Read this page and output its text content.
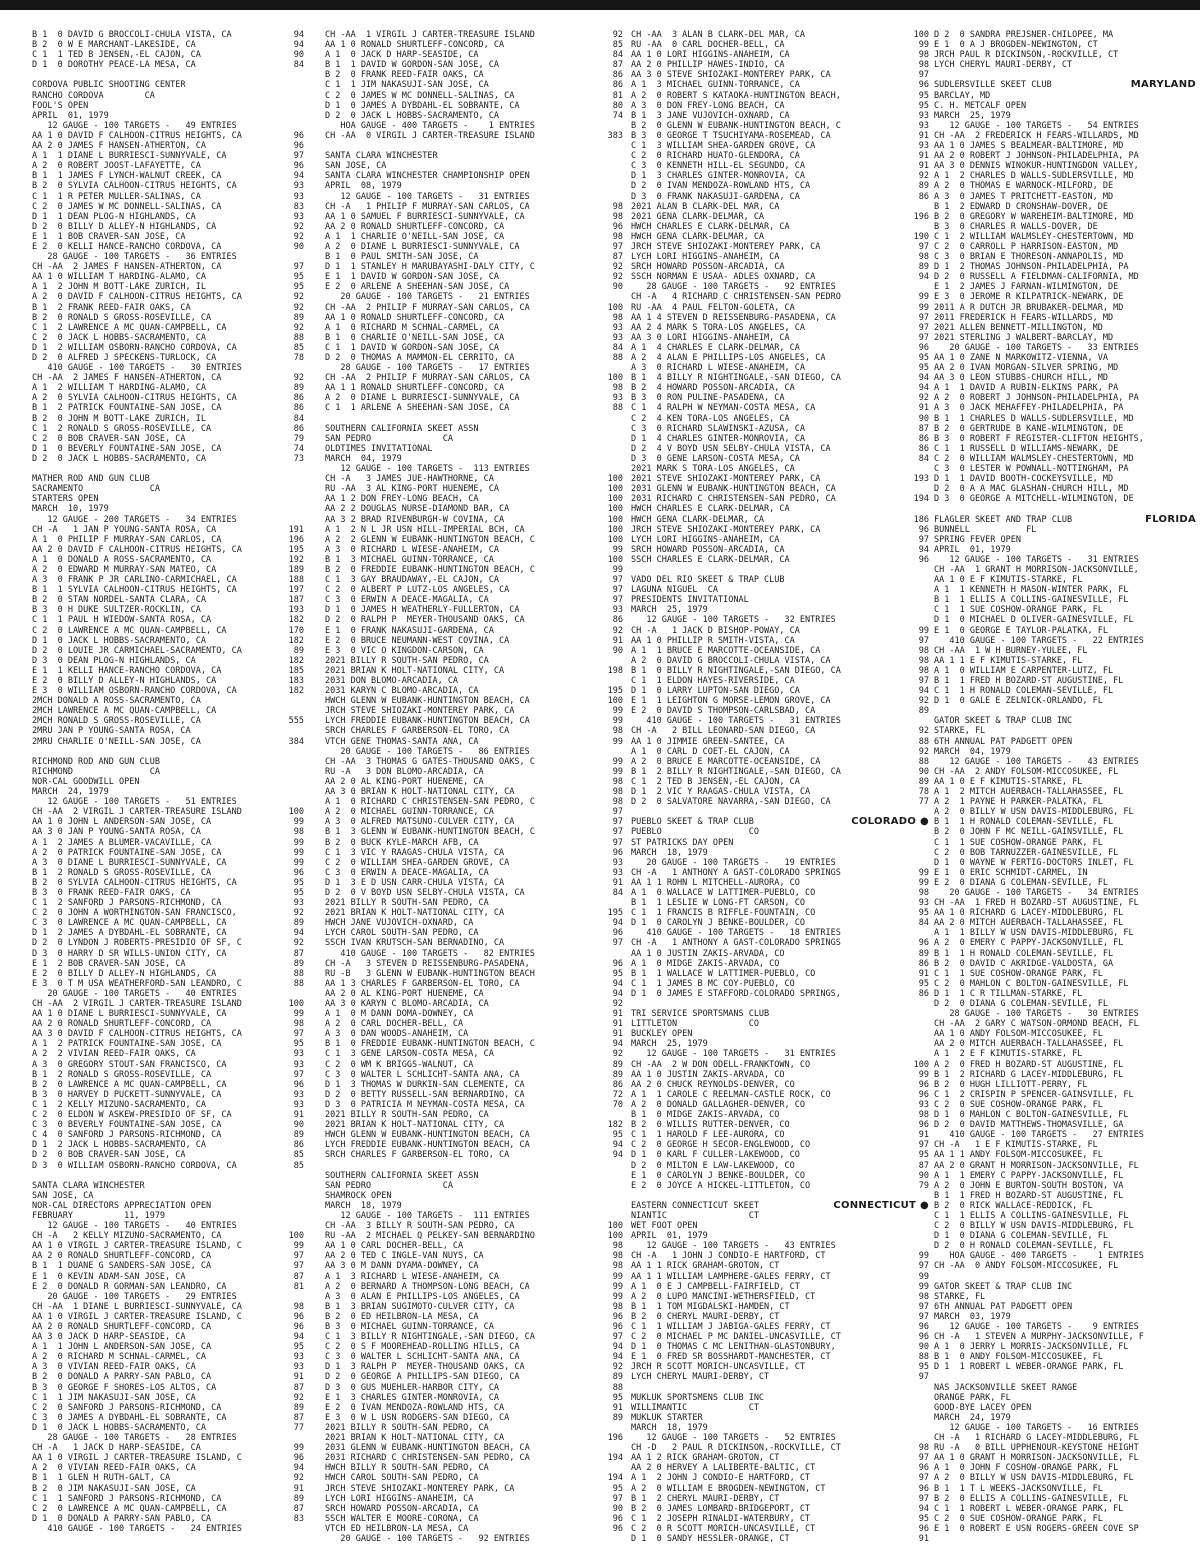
B 1  0 DAVID G BROCCOLI-CHULA VISTA, CA	94
B 2  0 W E MARCHANT-LAKESIDE, CA	94
C 1  1 TED B JENSEN,-EL CAJON, CA	90
D 1  0 DOROTHY PEACE-LA MESA, CA	84
CORDOVA PUBLIC SHOOTING CENTER
RANCHO CORDOVA        CA
FOOL'S OPEN
APRIL  01, 1979
12 GAUGE - 100 TARGETS -   49 ENTRIES
AA 1 0 DAVID F CALHOON-CITRUS HEIGHTS, CA	96
AA 2 0 JAMES F HANSEN-ATHERTON, CA	96
A 1  1 DIANE L BURRIESCI-SUNNYVALE, CA	97
A 2  0 ROBERT JOOST-LAFAYETTE, CA	96
B 1  1 JAMES F LYNCH-WALNUT CREEK, CA	94
B 2  0 SYLVIA CALHOON-CITRUS HEIGHTS, CA	93
C 1  1 R PETER MULLER-SALINAS, CA	93
C 2  0 JAMES W MC DONNELL-SALINAS, CA	83
D 1  1 DEAN PLOG-N HIGHLANDS, CA	93
D 2  0 BILLY D ALLEY-N HIGHLANDS, CA	92
E 1  1 BOB CRAVER-SAN JOSE, CA	92
E 2  0 KELLI HANCE-RANCHO CORDOVA, CA	90
28 GAUGE - 100 TARGETS -   36 ENTRIES
CH -AA  2 JAMES F HANSEN-ATHERTON, CA	97
AA 1 0 WILLIAM T HARDING-ALAMO, CA	95
A 1  2 JOHN M BOTT-LAKE ZURICH, IL	95
A 2  0 DAVID F CALHOON-CITRUS HEIGHTS, CA	92
B 1  2 FRANK REED-FAIR OAKS, CA	92
B 2  0 RONALD S GROSS-ROSEVILLE, CA	89
C 1  2 LAWRENCE A MC QUAN-CAMPBELL, CA	92
C 2  0 JACK L HOBBS-SACRAMENTO, CA	88
D 1  2 WILLIAM OSBORN-RANCHO CORDOVA, CA	85
D 2  0 ALFRED J SPECKENS-TURLOCK, CA	78
410 GAUGE - 100 TARGETS -   30 ENTRIES
CH -AA  2 JAMES F HANSEN-ATHERTON, CA	92
A 1  2 WILLIAM T HARDING-ALAMO, CA	89
A 2  0 SYLVIA CALHOON-CITRUS HEIGHTS, CA	86
B 1  2 PATRICK FOUNTAINE-SAN JOSE, CA	86
B 2  0 JOHN M BOTT-LAKE ZURICH, IL	84
C 1  2 RONALD S GROSS-ROSEVILLE, CA	86
C 2  0 BOB CRAVER-SAN JOSE, CA	79
D 1  0 BEVERLY FOUNTAINE-SAN JOSE, CA	74
D 2  0 JACK L HOBBS-SACRAMENTO, CA	73
MATHER ROD AND GUN CLUB
SACRAMENTO             CA
STARTERS OPEN
MARCH  10, 1979
12 GAUGE - 200 TARGETS -   34 ENTRIES
CH -A   1 JAN P YOUNG-SANTA ROSA, CA	191
A 1  0 PHILIP F MURRAY-SAN CARLOS, CA	196
AA 2 0 DAVID F CALHOON-CITRUS HEIGHTS, CA	195
A 1  0 DONALD A ROSS-SACRAMENTO, CA	192
A 2  0 EDWARD M MURRAY-SAN MATEO, CA	189
A 3  0 FRANK P JR CARLINO-CARMICHAEL, CA	188
B 1  1 SYLVIA CALHOON-CITRUS HEIGHTS, CA	197
B 2  0 STAN NORDEL-SANTA CLARA, CA	187
B 3  0 H DUKE SULTZER-ROCKLIN, CA	193
C 1  1 PAUL H WIEDOW-SANTA ROSA, CA	182
C 2  0 LAWRENCE A MC QUAN-CAMPBELL, CA	170
D 1  0 JACK L HOBBS-SACRAMENTO, CA	182
D 2  0 LOUIE JR CARMICHAEL-SACRAMENTO, CA	89
D 3  0 DEAN PLOG-N HIGHLANDS, CA	182
E 1  1 KELLI HANCE-RANCHO CORDOVA, CA	185
E 2  0 BILLY D ALLEY-N HIGHLANDS, CA	183
E 3  0 WILLIAM OSBORN-RANCHO CORDOVA, CA	182
2MCH DONALD A ROSS-SACRAMENTO, CA
2MCH LAWRENCE A MC QUAN-CAMPBELL, CA
2MCH RONALD S GROSS-ROSEVILLE, CA	555
2MRU JAN P YOUNG-SANTA ROSA, CA
2MRU CHARLIE O'NEILL-SAN JOSE, CA	384
RICHMOND ROD AND GUN CLUB
RICHMOND               CA
NOR-CAL GOODWILL OPEN
MARCH  24, 1979
12 GAUGE - 100 TARGETS -   51 ENTRIES
CH -AA  2 VIRGIL J CARTER-TREASURE ISLAND	100
AA 1 0 JOHN L ANDERSON-SAN JOSE, CA	99
AA 3 0 JAN P YOUNG-SANTA ROSA, CA	98
A 1  2 JAMES A BLUMER-VACAVILLE, CA	99
A 2  0 PATRICK FOUNTAINE-SAN JOSE, CA	99
A 3  0 DIANE L BURRIESCI-SUNNYVALE, CA	99
B 1  2 RONALD S GROSS-ROSEVILLE, CA	96
B 2  0 SYLVIA CALHOON-CITRUS HEIGHTS, CA	95
B 3  0 FRANK REED-FAIR OAKS, CA	95
C 1  2 SANFORD J PARSONS-RICHMOND, CA	93
C 2  0 JOHN A WORTHINGTON-SAN FRANCISCO,	92
C 3  0 LAWRENCE A MC QUAN-CAMPBELL, CA	89
D 1  2 JAMES A DYBDAHL-EL SOBRANTE, CA	94
D 2  0 LYNDON J ROBERTS-PRESIDIO OF SF, C	92
D 3  0 HARRY D SR WILLS-UNION CITY, CA	87
E 1  2 BOB CRAVER-SAN JOSE, CA	89
E 2  0 BILLY D ALLEY-N HIGHLANDS, CA	88
E 3  0 T M USA WEATHERFORD-SAN LEANDRO, C	88
20 GAUGE - 100 TARGETS -   40 ENTRIES
CH -AA  2 VIRGIL J CARTER-TREASURE ISLAND	100
AA 1 0 DIANE L BURRIESCI-SUNNYVALE, CA	99
AA 2 0 RONALD SHURTLEFF-CONCORD, CA	98
AA 3 0 DAVID F CALHOON-CITRUS HEIGHTS, CA	97
A 1  2 PATRICK FOUNTAINE-SAN JOSE, CA	95
A 2  2 VIVIAN REED-FAIR OAKS, CA	93
A 3  0 GREGORY STOUT-SAN FRANCISCO, CA	93
B 1  2 RONALD S GROSS-ROSEVILLE, CA	97
B 2  0 LAWRENCE A MC QUAN-CAMPBELL, CA	96
B 3  0 HARVEY D PUCKETT-SUNNYVALE, CA	93
C 1  2 KELLY MIZUNO-SACRAMENTO, CA	93
C 2  0 ELDON W ASKEW-PRESIDIO OF SF, CA	91
C 3  0 BEVERLY FOUNTAINE-SAN JOSE, CA	90
C 4  0 SANFORD J PARSONS-RICHMOND, CA	89
D 1  2 JACK L HOBBS-SACRAMENTO, CA	86
D 2  0 BOB CRAVER-SAN JOSE, CA	85
D 3  0 WILLIAM OSBORN-RANCHO CORDOVA, CA	85
SANTA CLARA WINCHESTER
SAN JOSE, CA
NOR-CAL DIRECTORS APPRECIATION OPEN
FEBRUARY          11, 1979
12 GAUGE - 100 TARGETS -   40 ENTRIES
CH -A   2 KELLY MIZUNO-SACRAMENTO, CA	100
AA 1 0 VIRGIL J CARTER-TREASURE ISLAND, C	99
AA 2 0 RONALD SHURTLEFF-CONCORD, CA	97
B 1  1 DUANE G SANDERS-SAN JOSE, CA	97
E 1  0 KEVIN ADAM-SAN JOSE, CA	87
E 2  0 DONALD R GORMAN-SAN LEANDRO, CA	81
20 GAUGE - 100 TARGETS -   29 ENTRIES
CH -AA  1 DIANE L BURRIESCI-SUNNYVALE, CA	98
AA 1 0 VIRGIL J CARTER-TREASURE ISLAND, C	96
AA 2 0 RONALD SHURTLEFF-CONCORD, CA	96
AA 3 0 JACK D HARP-SEASIDE, CA	94
A 1  1 JOHN L ANDERSON-SAN JOSE, CA	95
A 2  0 RICHARD M SCHNAL-CARMEL, CA	93
A 3  0 VIVIAN REED-FAIR OAKS, CA	93
B 2  0 DONALD A PARRY-SAN PABLO, CA	91
B 3  0 GEORGE F SHORES-LOS ALTOS, CA	87
C 1  1 JIM NAKASUJI-SAN JOSE, CA	92
C 2  0 SANFORD J PARSONS-RICHMOND, CA	89
C 3  0 JAMES A DYBDAHL-EL SOBRANTE, CA	87
D 1  0 JACK L HOBBS-SACRAMENTO, CA	77
28 GAUGE - 100 TARGETS -   28 ENTRIES
CH -A   1 JACK D HARP-SEASIDE, CA	99
AA 1 0 VIRGIL J CARTER-TREASURE ISLAND, C	96
A 2  0 VIVIAN REED-FAIR OAKS, CA	94
B 1  1 GLEN H RUTH-GALT, CA	92
B 2  0 JIM NAKASUJI-SAN JOSE, CA	91
C 1  1 SANFORD J PARSONS-RICHMOND, CA	89
C 2  0 LAWRENCE A MC QUAN-CAMPBELL, CA	87
D 1  0 DONALD A PARRY-SAN PABLO, CA	83
410 GAUGE - 100 TARGETS -   24 ENTRIES
CH -AA  1 VIRGIL J CARTER-TREASURE ISLAND	92
AA 1 0 RONALD SHURTLEFF-CONCORD, CA	85
A 1  0 JACK D HARP-SEASIDE, CA	84
B 1  1 DAVID W GORDON-SAN JOSE, CA	87
B 2  0 FRANK REED-FAIR OAKS, CA	86
C 1  1 JIM NAKASUJI-SAN JOSE, CA	86
C 2  0 JAMES W MC DONNELL-SALINAS, CA	81
D 1  0 JAMES A DYBDAHL-EL SOBRANTE, CA	80
D 2  0 JACK L HOBBS-SACRAMENTO, CA	74
HOA GAUGE - 400 TARGETS -    1 ENTRIES
CH -AA  0 VIRGIL J CARTER-TREASURE ISLAND	383
SANTA CLARA WINCHESTER
SAN JOSE, CA
SANTA CLARA WINCHESTER CHAMPIONSHIP OPEN
APRIL  08, 1979
12 GAUGE - 100 TARGETS -   31 ENTRIES
CH -A   1 PHILIP F MURRAY-SAN CARLOS, CA	98
AA 1 0 SAMUEL F BURRIESCI-SUNNYVALE, CA	98
AA 2 0 RONALD SHURTLEFF-CONCORD, CA	96
A 1  1 CHARLIE O'NEILL-SAN JOSE, CA	98
A 2  0 DIANE L BURRIESCI-SUNNYVALE, CA	97
B 1  0 PAUL SMITH-SAN JOSE, CA	87
D 1  1 STANLEY H MARUBAYASHI-DALY CITY, C	92
E 1  1 DAVID W GORDON-SAN JOSE, CA	92
E 2  0 ARLENE A SHEEHAN-SAN JOSE, CA	90
20 GAUGE - 100 TARGETS -   21 ENTRIES
CH -AA  2 PHILIP F MURRAY-SAN CARLOS, CA	100
AA 1 0 RONALD SHURTLEFF-CONCORD, CA	98
A 1  0 RICHARD M SCHNAL-CARMEL, CA	93
B 1  0 CHARLIE O'NEILL-SAN JOSE, CA	93
C 1  1 DAVID W GORDON-SAN JOSE, CA	84
D 2  0 THOMAS A MAMMON-EL CERRITO, CA	88
28 GAUGE - 100 TARGETS -   17 ENTRIES
CH -AA  2 PHILIP F MURRAY-SAN CARLOS, CA	100
AA 1 1 RONALD SHURTLEFF-CONCORD, CA	98
A 2  0 DIANE L BURRIESCI-SUNNYVALE, CA	93
C 1  1 ARLENE A SHEEHAN-SAN JOSE, CA	88
SOUTHERN CALIFORNIA SKEET ASSN
SAN PEDRO              CA
OLDTIMES INVITATIONAL
MARCH  04, 1979
12 GAUGE - 100 TARGETS -  113 ENTRIES
CH -A   3 JAMES JUE-HAWTHORNE, CA	100
RU -AA  3 AL KING-PORT HUENEME, CA	100
AA 1 2 DON FREY-LONG BEACH, CA	100
AA 2 2 DOUGLAS NURSE-DIAMOND BAR, CA	100
AA 3 2 BRAD RIVENBURGH-W COVINA, CA	100
A 1  2 N L JR USN HILL-IMPERIAL BCH, CA	100
A 2  2 GLENN W EUBANK-HUNTINGTON BEACH, C	100
A 3  0 RICHARD L WIESE-ANAHEIM, CA	99
B 1  3 MICHAEL GUINN-TORRANCE, CA	100
B 2  0 FREDDIE EUBANK-HUNTINGTON BEACH, C	99
C 1  3 GAY BRAUDAWAY,-EL CAJON, CA	97
C 2  0 ALBERT P LUTZ-LOS ANGELES, CA	97
C 3  0 ERWIN A DEACE-MAGALIA, CA	97
D 1  0 JAMES H WEATHERLY-FULLERTON, CA	93
D 2  0 RALPH P  MEYER-THOUSAND OAKS, CA	86
E 1  0 FRANK NAKASUJI-GARDENA, CA	92
E 2  0 BRUCE NEUMANN-WEST COVINA, CA	91
E 3  0 VIC O KINGDON-CARSON, CA	90
2021 BILLY R SOUTH-SAN PEDRO, CA
2021 BRIAN K HOLT-NATIONAL CITY, CA	198
2031 DON BLOMO-ARCADIA, CA
2031 KARYN C BLOMO-ARCADIA, CA	195
HWCH GLENN W EUBANK-HUNTINGTON BEACH, CA	100
JRCH STEVE SHIOZAKI-MONTEREY PARK, CA	99
LYCH FREDDIE EUBANK-HUNTINGTON BEACH, CA	99
SRCH CHARLES F GARBERSON-EL TORO, CA	98
VTCH GENE THOMAS-SANTA ANA, CA	99
20 GAUGE - 100 TARGETS -   86 ENTRIES
CH -AA  3 THOMAS G GATES-THOUSAND OAKS, C	99
RU -A   3 DON BLOMO-ARCADIA, CA	99
AA 2 0 AL KING-PORT HUENEME, CA	98
AA 3 0 BRIAN K HOLT-NATIONAL CITY, CA	98
A 1  0 RICHARD C CHRISTENSEN-SAN PEDRO, C	98
A 2  0 MICHAEL GUINN-TORRANCE, CA	97
A 3  0 ALFRED MATSUNO-CULVER CITY, CA	97
B 1  3 GLENN W EUBANK-HUNTINGTON BEACH, C	97
B 2  0 BUCK KYLE-MARCH AFB, CA	97
C 1  3 VIC Y RAAGAS-CHULA VISTA, CA	96
C 2  0 WILLIAM SHEA-GARDEN GROVE, CA	93
C 3  0 ERWIN A DEACE-MAGALIA, CA	93
D 1  3 E D USN CARR-CHULA VISTA, CA	91
D 2  0 V BOYD USN SELBY-CHULA VISTA, CA	84
2021 BILLY R SOUTH-SAN PEDRO, CA
2021 BRIAN K HOLT-NATIONAL CITY, CA	195
HWCH JANE VUJOVICH-OXNARD, CA	94
LYCH CAROL SOUTH-SAN PEDRO, CA	96
SSCH IVAN KRUTSCH-SAN BERNADINO, CA	97
410 GAUGE - 100 TARGETS -   82 ENTRIES
CH -A   3 STEVEN D REISSENBURG-PASADENA,	96
RU -B   3 GLENN W EUBANK-HUNTINGTON BEACH	95
AA 1 3 CHARLES F GARBERSON-EL TORO, CA	94
AA 2 0 AL KING-PORT HUENEME, CA	94
AA 3 0 KARYN C BLOMO-ARCADIA, CA	92
A 1  0 M DANN DOMA-DOWNEY, CA	91
A 2  0 CARL DOCHER-BELL, CA	91
A 3  0 DAN WOODS-ANAHEIM, CA	91
B 1  0 FREDDIE EUBANK-HUNTINGTON BEACH, C	94
C 1  3 GENE LARSON-COSTA MESA, CA	92
C 2  0 WM K BRIGGS-WALNUT, CA	89
C 3  0 WALTER L SCHLICHT-SANTA ANA, CA	89
D 1  3 THOMAS W DURKIN-SAN CLEMENTE, CA	86
D 2  0 BETTY RUSSELL-SAN BERNARDINO, CA	72
D 3  0 PATRICIA M NEYMAN-COSTA MESA, CA	70
2021 BILLY R SOUTH-SAN PEDRO, CA
2021 BRIAN K HOLT-NATIONAL CITY, CA	182
HWCH GLENN W EUBANK-HUNTINGTON BEACH, CA	95
LYCH FREDDIE EUBANK-HUNTINGTON BEACH, CA	94
SRCH CHARLES F GARBERSON-EL TORO, CA	94
SOUTHERN CALIFORNIA SKEET ASSN
SAN PEDRO              CA
SHAMROCK OPEN
MARCH  18, 1979
12 GAUGE - 100 TARGETS -  111 ENTRIES
CH -AA  3 BILLY R SOUTH-SAN PEDRO, CA	100
RU -AA  2 MICHAEL Q PELKEY-SAN BERNARDINO	100
AA 1 0 CARL DOCHER-BELL, CA	98
AA 2 0 TED C INGLE-VAN NUYS, CA	98
AA 3 0 M DANN DYAMA-DOWNEY, CA	98
A 1  3 RICHARD L WIESE-ANAHEIM, CA	99
A 2  0 BERNARD A THOMPSON-LONG BEACH, CA	99
A 3  0 ALAN E PHILLIPS-LOS ANGELES, CA	99
B 1  3 BRIAN SUGIMOTO-CULVER CITY, CA	98
B 2  0 ED HEILBRON-LA MESA, CA	96
B 3  0 MICHAEL GUINN-TORRANCE, CA	96
C 1  3 BILLY R NIGHTINGALE,-SAN DIEGO, CA	97
C 2  0 S F MOOREHEAD-ROLLING HILLS, CA	94
C 3  0 WALTER L SCHLICHT-SANTA ANA, CA	94
D 1  3 RALPH P  MEYER-THOUSAND OAKS, CA	92
D 2  0 GEORGE A PHILLIPS-SAN DIEGO, CA	89
D 3  0 GUS MUEHLER-HARBOR CITY, CA	88
E 1  3 CHARLES GINTER-MONROVIA, CA	95
E 2  0 IVAN MENDOZA-ROWLAND HTS, CA	91
E 3  0 W L USN RODGERS-SAN DIEGO, CA	89
2021 BILLY R SOUTH-SAN PEDRO, CA
2021 BRIAN K HOLT-NATIONAL CITY, CA	196
2031 GLENN W EUBANK-HUNTINGTON BEACH, CA
2031 RICHARD C CHRISTENSEN-SAN PEDRO, CA	194
HWCH BILLY R SOUTH-SAN PEDRO, CA
HWCH CAROL SOUTH-SAN PEDRO, CA	194
JRCH STEVE SHIOZAKI-MONTEREY PARK, CA	95
LYCH LORI HIGGINS-ANAHEIM, CA	97
SRCH HOWARD POSSON-ARCADIA, CA	90
SSCH WALTER E MOORE-CORONA, CA	96
VTCH ED HEILBRON-LA MESA, CA	96
20 GAUGE - 100 TARGETS -   92 ENTRIES
CH -AA  3 ALAN B CLARK-DEL MAR, CA	100
RU -AA  0 CARL DOCHER-BELL, CA	99
AA 1 0 LORI HIGGINS-ANAHEIM, CA	98
AA 2 0 PHILLIP HAWES-INDIO, CA	98
AA 3 0 STEVE SHIOZAKI-MONTEREY PARK, CA	97
A 1  3 MICHAEL GUINN-TORRANCE, CA	96
A 2  0 ROBERT S KATAOKA-HUNTINGTON BEACH,	95
A 3  0 DON FREY-LONG BEACH, CA	95
B 1  3 JANE VUJOVICH-OXNARD, CA	93
B 2  0 GLENN W EUBANK-HUNTINGTON BEACH, C	93
B 3  0 GEORGE T TSUCHIYAMA-ROSEMEAD, CA	91
C 1  3 WILLIAM SHEA-GARDEN GROVE, CA	93
C 2  0 RICHARD HUATO-GLENDORA, CA	91
C 3  0 KENNETH HILL-EL SEGUNDO, CA	91
D 1  3 CHARLES GINTER-MONROVIA, CA	92
D 2  0 IVAN MENDOZA-ROWLAND HTS, CA	89
D 3  0 FRANK NAKASUJI-GARDENA, CA	86
2021 ALAN B CLARK-DEL MAR, CA
2021 GENA CLARK-DELMAR, CA	196
HWCH CHARLES E CLARK-DELMAR, CA
HWCH GENA CLARK-DELMAR, CA	190
JRCH STEVE SHIOZAKI-MONTEREY PARK, CA	97
LYCH LORI HIGGINS-ANAHEIM, CA	98
SRCH HOWARD POSSON-ARCADIA, CA	89
SSCH NORMAN E USAA- ADLES OXNARD, CA	94
28 GAUGE - 100 TARGETS -   92 ENTRIES
CH -A   4 RICHARD C CHRISTENSEN-SAN PEDRO	99
RU -AA  4 PAUL FELTON-GOLETA, CA	99
AA 1 4 STEVEN D REISSENBURG-PASADENA, CA	97
AA 2 4 MARK S TORA-LOS ANGELES, CA	97
AA 3 0 LORI HIGGINS-ANAHEIM, CA	97
A 1  4 CHARLES E CLARK-DELMAR, CA	96
A 2  4 ALAN E PHILLIPS-LOS ANGELES, CA	95
A 3  0 RICHARD L WIESE-ANAHEIM, CA	95
B 1  4 BILLY R NIGHTINGALE,-SAN DIEGO, CA	94
B 2  4 HOWARD POSSON-ARCADIA, CA	94
B 3  0 RON PULINE-PASADENA, CA	92
C 1  4 RALPH W NEYMAN-COSTA MESA, CA	91
C 2  4 KEN TORA-LOS ANGELES, CA	90
C 3  0 RICHARD SLAWINSKI-AZUSA, CA	87
D 1  4 CHARLES GINTER-MONROVIA, CA	86
D 2  4 V BOYD USN SELBY-CHULA VISTA, CA	86
D 3  0 GENE LARSON-COSTA MESA, CA	84
2021 MARK S TORA-LOS ANGELES, CA
2021 STEVE SHIOZAKI-MONTEREY PARK, CA	193
2031 GLENN W EUBANK-HUNTINGTON BEACH, CA
2031 RICHARD C CHRISTENSEN-SAN PEDRO, CA	194
HWCH CHARLES E CLARK-DELMAR, CA
HWCH GENA CLARK-DELMAR, CA	186
JRCH STEVE SHIOZAKI-MONTEREY PARK, CA	96
LYCH LORI HIGGINS-ANAHEIM, CA	97
SRCH HOWARD POSSON-ARCADIA, CA	94
SSCH CHARLES E CLARK-DELMAR, CA	96
VADO DEL RIO SKEET & TRAP CLUB
LAGUNA NIGUEL  CA
PRESIDENTS INVITATIONAL
MARCH  25, 1979
12 GAUGE - 100 TARGETS -   32 ENTRIES
CH -A   1 JACK D BISHOP-POWAY, CA	99
AA 1 0 PHILLIP R SMITH-VISTA, CA	97
A 1  1 BRUCE E MARCOTTE-OCEANSIDE, CA	98
A 2  0 DAVID G BROCCOLI-CHULA VISTA, CA	98
B 1  0 BILLY R NIGHTINGALE,-SAN DIEGO, CA	98
C 1  1 ELDON HAYES-RIVERSIDE, CA	97
D 1  0 LARRY LUPTON-SAN DIEGO, CA	94
E 1  1 LEIGHTON G MORSE-LEMON GROVE, CA	92
E 2  0 DAVID S THOMPSON-CARLSBAD, CA	89
410 GAUGE - 100 TARGETS -   31 ENTRIES
CH -A   2 BILL LEONARD-SAN DIEGO, CA	92
AA 1 0 JIMMIE GREEN-SANTEE, CA	88
A 1  0 CARL D COET-EL CAJON, CA	92
A 2  0 BRUCE E MARCOTTE-OCEANSIDE, CA	88
B 1  2 BILLY R NIGHTINGALE,-SAN DIEGO, CA	90
C 1  2 TED B JENSEN,-EL CAJON, CA	89
D 1  2 VIC Y RAAGAS-CHULA VISTA, CA	78
D 2  0 SALVATORE NAVARRA,-SAN DIEGO, CA	77
PUEBLO SKEET & TRAP CLUB	COLORADO ●
PUEBLO                 CO
ST PATRICKS DAY OPEN
MARCH  18, 1979
20 GAUGE - 100 TARGETS -   19 ENTRIES
CH -A   1 ANTHONY A GAST-COLORADO SPRINGS	99
AA 1 1 ROHN L MITCHELL-AURORA, CO	99
A 1  0 WALLACE W LATTIMER-PUEBLO, CO	98
B 1  1 LESLIE W LONG-FT CARSON, CO	93
C 1  1 FRANCIS B RIFFLE-FOUNTAIN, CO	95
D 1  0 CAROLYN J BENKE-BOULDER, CO	84
410 GAUGE - 100 TARGETS -   18 ENTRIES
CH -A   1 ANTHONY A GAST-COLORADO SPRINGS	96
AA 1 0 JUSTIN ZAKIS-ARVADA, CO	89
A 1  0 MIDGE ZAKIS-ARVADA, CO	86
B 1  1 WALLACE W LATTIMER-PUEBLO, CO	91
C 1  1 JAMES B MC COY-PUEBLO, CO	95
D 1  0 JAMES E STAFFORD-COLORADO SPRINGS,	86
TRI SERVICE SPORTSMANS CLUB
LITTLETON              CO
BUCKLEY OPEN
MARCH  25, 1979
12 GAUGE - 100 TARGETS -   31 ENTRIES
CH -AA  2 W DON ODELL-FRANKTOWN, CO	100
AA 1 0 JUSTIN ZAKIS-ARVADA, CO	99
AA 2 0 CHUCK REYNOLDS-DENVER, CO	96
A 1  1 CAROLE C REELMAN-CASTLE ROCK, CO	96
A 2  0 DONALD GALLAGHER-DENVER, CO	93
B 1  0 MIDGE ZAKIS-ARVADA, CO	98
B 2  0 WILLIS RUTTER-DENVER, CO	96
C 1  1 HAROLD F LEE-AURORA, CO	91
C 2  0 GEORGE H SECOR-ENGLEWOOD, CO	97
D 1  0 KARL F CULLER-LAKEWOOD, CO	95
D 2  0 MILTON E LAW-LAKEWOOD, CO	87
E 1  0 CAROLYN J BENKE-BOULDER, CO	90
E 2  0 JOYCE A HICKEL-LITTLETON, CO	79
EASTERN CONNECTICUT SKEET	CONNECTICUT ●
NIANTIC                CT
WET FOOT OPEN
APRIL  01, 1979
12 GAUGE - 100 TARGETS -   43 ENTRIES
CH -A   1 JOHN J CONDIO-E HARTFORD, CT	99
AA 1 1 RICK GRAHAM-GROTON, CT	97
AA 1 1 WILLIAM LAMPHERE-GALES FERRY, CT	99
A 1  0 E J CAMPBELL-FAIRFIELD, CT	99
A 2  0 LUPO MANCINI-WETHERSFIELD, CT	98
B 1  1 TOM MIGDALSKI-HAMDEN, CT	97
B 2  0 CHERYL MAURI-DERBY, CT	97
C 1  1 WILLIAM J JABIGA-GALES FERRY, CT	96
C 2  0 MICHAEL P MC DANIEL-UNCASVILLE, CT	96
D 1  0 THOMAS C MC LENITHAN-GLASTONBURY,	90
E 1  0 FRED SR BOSSHARDT-MANCHESTER, CT	88
JRCH R SCOTT MORICH-UNCASVILLE, CT	95
LYCH CHERYL MAURI-DERBY, CT	97
MUKLUK SPORTSMENS CLUB INC
WILLIMANTIC            CT
MUKLUK STARTER
MARCH  18, 1979
12 GAUGE - 100 TARGETS -   52 ENTRIES
CH -D   2 PAUL R DICKINSON,-ROCKVILLE, CT	98
AA 1 2 RICK GRAHAM-GROTON, CT	97
AA 2 0 HERVEY A LALIBERTE-BALTIC, CT	96
A 1  2 JOHN J CONDIO-E HARTFORD, CT	97
A 2  0 WILLIAM E BROGDEN-NEWINGTON, CT	96
B 1  2 CHERYL MAURI-DERBY, CT	97
B 2  0 JAMES LOMBARD-BRIDGEPORT, CT	94
C 1  2 JOSEPH RINALDI-WATERBURY, CT	95
C 2  0 R SCOTT MORICH-UNCASVILLE, CT	96
D 1  0 SANDY HESSLER-ORANGE, CT	91
D 2  0 SANDRA PREJSNER-CHILOPEE, MA
E 1  0 A J BROGDEN-NEWINGTON, CT
JRCH PAUL R DICKINSON,-ROCKVILLE, CT
LYCH CHERYL MAURI-DERBY, CT
SUDLERSVILLE SKEET CLUB	MARYLAND
BARCLAY, MD
C. H. METCALF OPEN
MARCH  25, 1979
12 GAUGE - 100 TARGETS -   54 ENTRIES
CH -AA  2 FREDERICK H FEARS-WILLARDS, MD
AA 1 0 JAMES S BEALMEAR-BALTIMORE, MD
AA 2 0 ROBERT J JOHNSON-PHILADELPHIA, PA
AA 3 0 DENNIS WINOKUR-HUNTINGDON VALLEY,
A 1  2 CHARLES D WALLS-SUDLERSVILLE, MD
A 2  0 THOMAS E WARNOCK-MILFORD, DE
A 3  0 JAMES T PRITCHETT-EASTON, MD
B 1  2 EDWARD D CRONSHAW-DOVER, DE
B 2  0 GREGORY W WAREHEIM-BALTIMORE, MD
B 3  0 CHARLES R WALLS-DOVER, DE
C 1  2 WILLIAM WALMSLEY-CHESTERTOWN, MD
C 2  0 CARROLL P HARRISON-EASTON, MD
C 3  0 BRIAN E THORESON-ANNAPOLIS, MD
D 1  2 THOMAS JOHNSON-PHILADELPHIA, PA
D 2  0 RUSSELL A FIELDMAN-CALIFORNIA, MD
E 1  2 JAMES J FARNAN-WILMINGTON, DE
E 3  0 JEROME R KILPATRICK-NEWARK, DE
2011 A R DUTCH JR BRUBAKER-DELMAR, MD
2011 FREDERICK H FEARS-WILLARDS, MD
2021 ALLEN BENNETT-MILLINGTON, MD
2021 STERLING J WALBERT-BARCLAY, MD
20 GAUGE - 100 TARGETS -   33 ENTRIES
AA 1 0 ZANE N MARKOWITZ-VIENNA, VA
AA 2 0 IVAN MORGAN-SILVER SPRING, MD
AA 3 0 LEON STUBBS-CHURCH HILL, MD
A 1  1 DAVID A RUBIN-ELKINS PARK, PA
A 2  0 ROBERT J JOHNSON-PHILADELPHIA, PA
A 3  0 JACK MEHAFFEY-PHILADELPHIA, PA
B 1  1 CHARLES D WALLS-SUDLERSVILLE, MD
B 2  0 GERTRUDE B KANE-WILMINGTON, DE
B 3  0 ROBERT F REGISTER-CLIFTON HEIGHTS,
C 1  1 RUSSELL D WILLIAMS-NEWARK, DE
C 2  0 WILLIAM WALMSLEY-CHESTERTOWN, MD
C 3  0 LESTER W POWNALL-NOTTINGHAM, PA
D 1  1 DAVID BOOTH-COCKEYSVILLE, MD
D 2  0 A A MAC GLASHAN-CHURCH HILL, MD
D 3  0 GEORGE A MITCHELL-WILMINGTON, DE
FLAGLER SKEET AND TRAP CLUB	FLORIDA
BUNNELL           FL
SPRING FEVER OPEN
APRIL  01, 1979
12 GAUGE - 100 TARGETS -   31 ENTRIES
CH -AA  1 GRANT H MORRISON-JACKSONVILLE,
AA 1 0 E F KIMUTIS-STARKE, FL
A 1  1 KENNETH H MASON-WINTER PARK, FL
B 1  1 ELLIS A COLLINS-GAINESVILLE, FL
C 1  1 SUE COSHOW-ORANGE PARK, FL
D 1  0 MICHAEL D OLIVER-GAINESVILLE, FL
E 1  0 GEORGE E TAYLOR-PALATKA, FL
410 GAUGE - 100 TARGETS -   22 ENTRIES
CH -AA  1 W H BURNEY-YULEE, FL
AA 1 1 E F KIMUTIS-STARKE, FL
A 1  0 WILLIAM E CARPENTER-LUTZ, FL
B 1  1 FRED H BOZARD-ST AUGUSTINE, FL
C 1  1 H RONALD COLEMAN-SEVILLE, FL
D 1  0 GALE E ZELNICK-ORLANDO, FL
GATOR SKEET & TRAP CLUB INC
STARKE, FL
6TH ANNUAL PAT PADGETT OPEN
MARCH  04, 1979
12 GAUGE - 100 TARGETS -   43 ENTRIES
CH -AA  2 ANDY FOLSOM-MICCOSUKEE, FL
AA 1 0 E F KIMUTIS-STARKE, FL
A 1  2 MITCH AUERBACH-TALLAHASSEE, FL
A 2  1 PAYNE H PARKER-PALATKA, FL
A 2  0 BILLY W USN DAVIS-MIDDLEBURG, FL
B 1  1 H RONALD COLEMAN-SEVILLE, FL
B 2  0 JOHN F MC NEILL-GAINSVILLE, FL
C 1  1 SUE COSHOW-ORANGE PARK, FL
C 2  0 BOB TARNUZZER-GAINESVILLE, FL
D 1  0 WAYNE W FERTIG-DOCTORS INLET, FL
E 1  0 ERIC SCHMIDT-CARMEL, IN
E 2  0 DIANA G COLEMAN-SEVILLE, FL
20 GAUGE - 100 TARGETS -   34 ENTRIES
CH -AA  1 FRED H BOZARD-ST AUGUSTINE, FL
AA 1 0 RICHARD G LACEY-MIDDLEBURG, FL
AA 2 0 MITCH AUERBACH-TALLAHASSEE, FL
A 1  1 BILLY W USN DAVIS-MIDDLEBURG, FL
A 2  0 EMERY C PAPPY-JACKSONVILLE, FL
B 1  1 H RONALD COLEMAN-SEVILLE, FL
B 2  0 DAVID C AKRIDGE-VALDOSTA, GA
C 1  1 SUE COSHOW-ORANGE PARK, FL
C 2  0 MAHLON C BOLTON-GAINESVILLE, FL
D 1  1 C R TILLMAN-STARKE, FL
D 2  0 DIANA G COLEMAN-SEVILLE, FL
28 GAUGE - 100 TARGETS -   30 ENTRIES
CH -AA  2 GARY C WATSON-ORMOND BEACH, FL
AA 1 0 ANDY FOLSOM-MICCOSUKEE, FL
AA 2 0 MITCH AUERBACH-TALLAHASSEE, FL
A 1  2 E F KIMUTIS-STARKE, FL
A 2  0 FRED H BOZARD-ST AUGUSTINE, FL
B 1  2 RICHARD G LACEY-MIDDLEBURG, FL
B 2  0 HUGH LILLIOTT-PERRY, FL
C 1  2 CRISPIN P SPENCER-GAINSVILLE, FL
C 2  0 SUE COSHOW-ORANGE PARK, FL
D 1  0 MAHLON C BOLTON-GAINESVILLE, FL
D 2  0 DAVID MATTHEWS-THOMASVILLE, GA
410 GAUGE - 100 TARGETS -   27 ENTRIES
CH -A   1 E F KIMUTIS-STARKE, FL
AA 1 1 ANDY FOLSOM-MICCOSUKEE, FL
AA 2 0 GRANT H MORRISON-JACKSONVILLE, FL
A 1  1 EMERY C PAPPY-JACKSONVILLE, FL
A 2  0 JOHN E BURTON-SOUTH BOSTON, VA
B 1  1 FRED H BOZARD-ST AUGUSTINE, FL
B 2  0 RICK WALLACE-REDDICK, FL
C 1  1 ELLIS A COLLINS-GAINESVILLE, FL
C 2  0 BILLY W USN DAVIS-MIDDLEBURG, FL
D 1  0 DIANA G COLEMAN-SEVILLE, FL
D 2  0 H RONALD COLEMAN-SEVILLE, FL
HOA GAUGE - 400 TARGETS -    1 ENTRIES
CH -AA  0 ANDY FOLSOM-MICCOSUKEE, FL
GATOR SKEET & TRAP CLUB INC
STARKE, FL
6TH ANNUAL PAT PADGETT OPEN
MARCH  03, 1979
12 GAUGE - 100 TARGETS -    9 ENTRIES
CH -A   1 STEVEN A MURPHY-JACKSONVILLE, F
A 1  0 JERRY L MORRIS-JACKSONVILLE, FL
B 1  0 ANDY FOLSOM-MICCOSUKEE, FL
D 1  1 ROBERT L WEBER-ORANGE PARK, FL
NAS JACKSONVILLE SKEET RANGE
ORANGE PARK, FL
GOOD-BYE LACEY OPEN
MARCH  24, 1979
12 GAUGE - 100 TARGETS -   16 ENTRIES
CH -A   1 RICHARD G LACEY-MIDDLEBURG, FL
RU -A   0 BILL UPPHENOUR-KEYSTONE HEIGHT
AA 1 0 GRANT H MORRISON-JACKSONVILLE, FL
A 1  0 JOHN F COSHOW-ORANGE PARK, FL
A 2  0 BILLY W USN DAVIS-MIDDLEBURG, FL
B 1  1 T L WEEKS-JACKSONVILLE, FL
B 2  0 ELLIS A COLLINS-GAINESVILLE, FL
C 1  1 ROBERT L WEBER-ORANGE PARK, FL
C 2  0 SUE COSHOW-ORANGE PARK, FL
E 1  0 ROBERT E USN ROGERS-GREEN COVE SP
